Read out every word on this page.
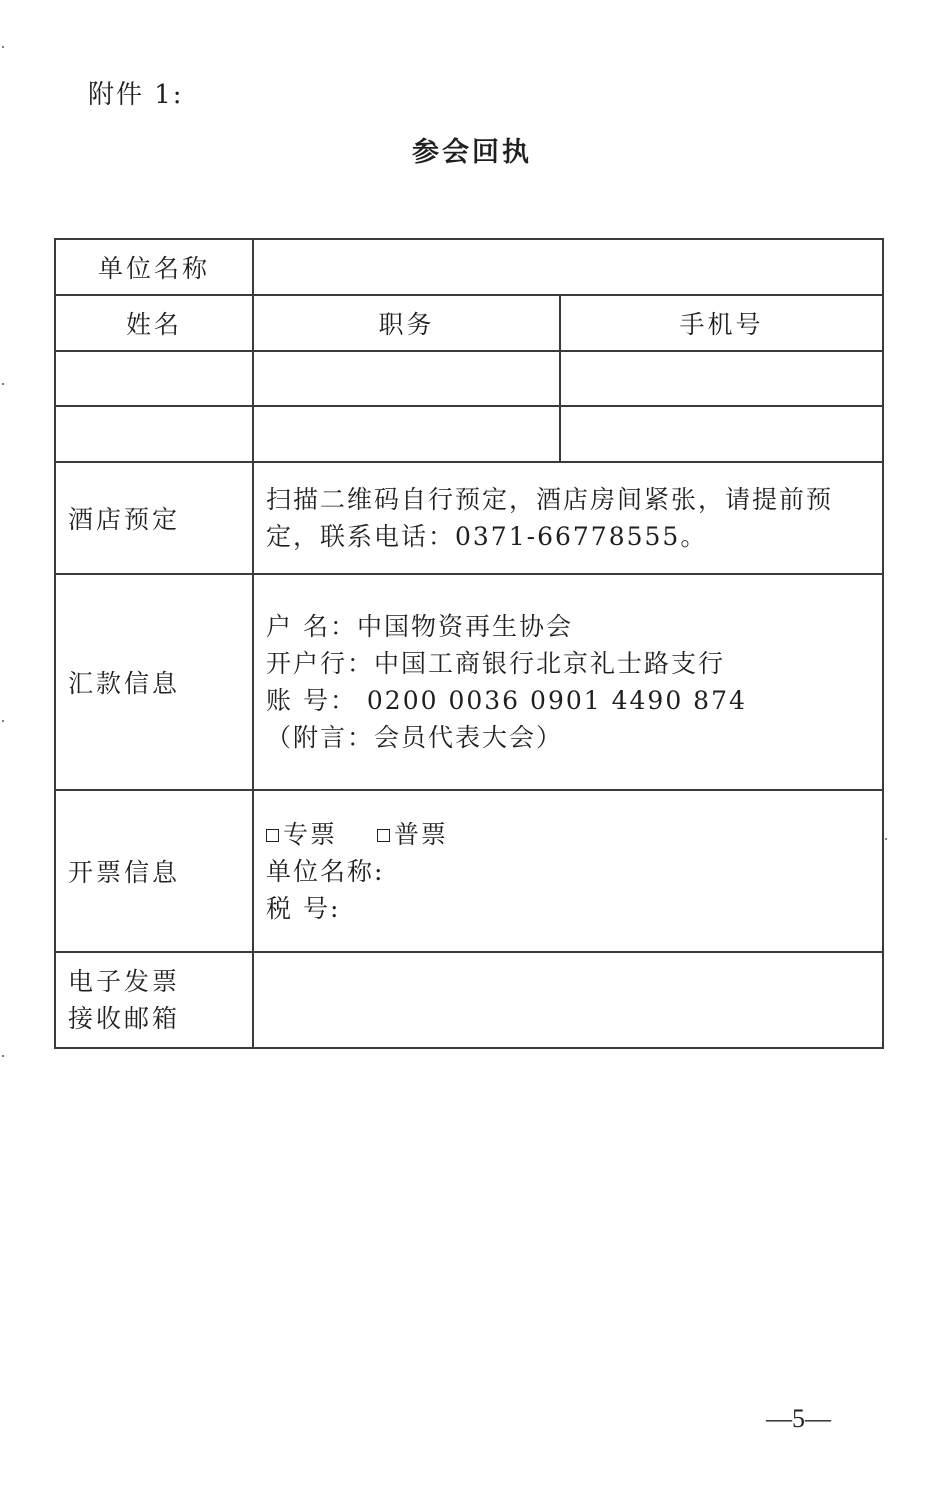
附件 1:
参会回执
单位名称		
姓名	职务	手机号

酒店预定	扫描二维码自行预定，酒店房间紧张，请提前预
定，联系电话：0371-66778555。	

汇款信息	户 名：中国物资再生协会
开户行：中国工商银行北京礼士路支行
账 号： 0200 0036 0901 4490 874
（附言：会员代表大会）	

开票信息	专票 普票
单位名称:
税 号:	

电子发票
接收邮箱		

—5—
